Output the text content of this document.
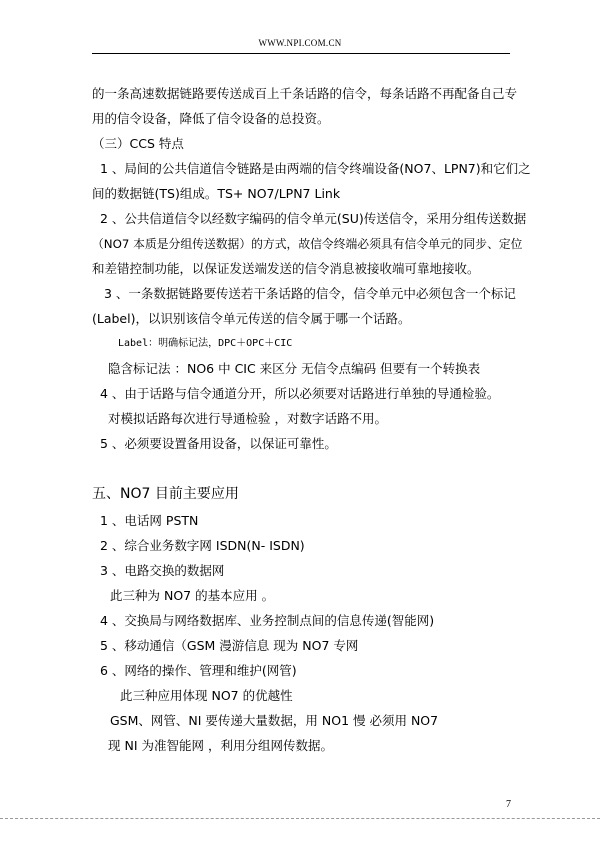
WWW.NPI.COM.CN
的一条高速数据链路要传送成百上千条话路的信令，每条话路不再配备自己专
用的信令设备，降低了信令设备的总投资。
（三）CCS 特点
1 、局间的公共信道信令链路是由两端的信令终端设备(NO7、LPN7)和它们之
间的数据链(TS)组成。TS+ NO7/LPN7 Link
2 、公共信道信令以经数字编码的信令单元(SU)传送信令，采用分组传送数据
（NO7 本质是分组传送数据）的方式，故信令终端必须具有信令单元的同步、定位
和差错控制功能，以保证发送端发送的信令消息被接收端可靠地接收。
3 、一条数据链路要传送若干条话路的信令，信令单元中必须包含一个标记
(Label)，以识别该信令单元传送的信令属于哪一个话路。
Label：明确标记法，DPC＋OPC＋CIC
隐含标记法 ：NO6 中 CIC 来区分 无信令点编码 但要有一个转换表
4 、由于话路与信令通道分开，所以必须要对话路进行单独的导通检验。
对模拟话路每次进行导通检验 ，对数字话路不用。
5 、必须要设置备用设备，以保证可靠性。
五、NO7 目前主要应用
1 、电话网 PSTN
2 、综合业务数字网 ISDN(N- ISDN)
3 、电路交换的数据网
此三种为 NO7 的基本应用 。
4 、交换局与网络数据库、业务控制点间的信息传递(智能网)
5 、移动通信（GSM 漫游信息 现为 NO7 专网
6 、网络的操作、管理和维护(网管)
此三种应用体现 NO7 的优越性
GSM、网管、NI 要传递大量数据，用 NO1 慢 必须用 NO7
现 NI 为准智能网 ，利用分组网传数据。
7
